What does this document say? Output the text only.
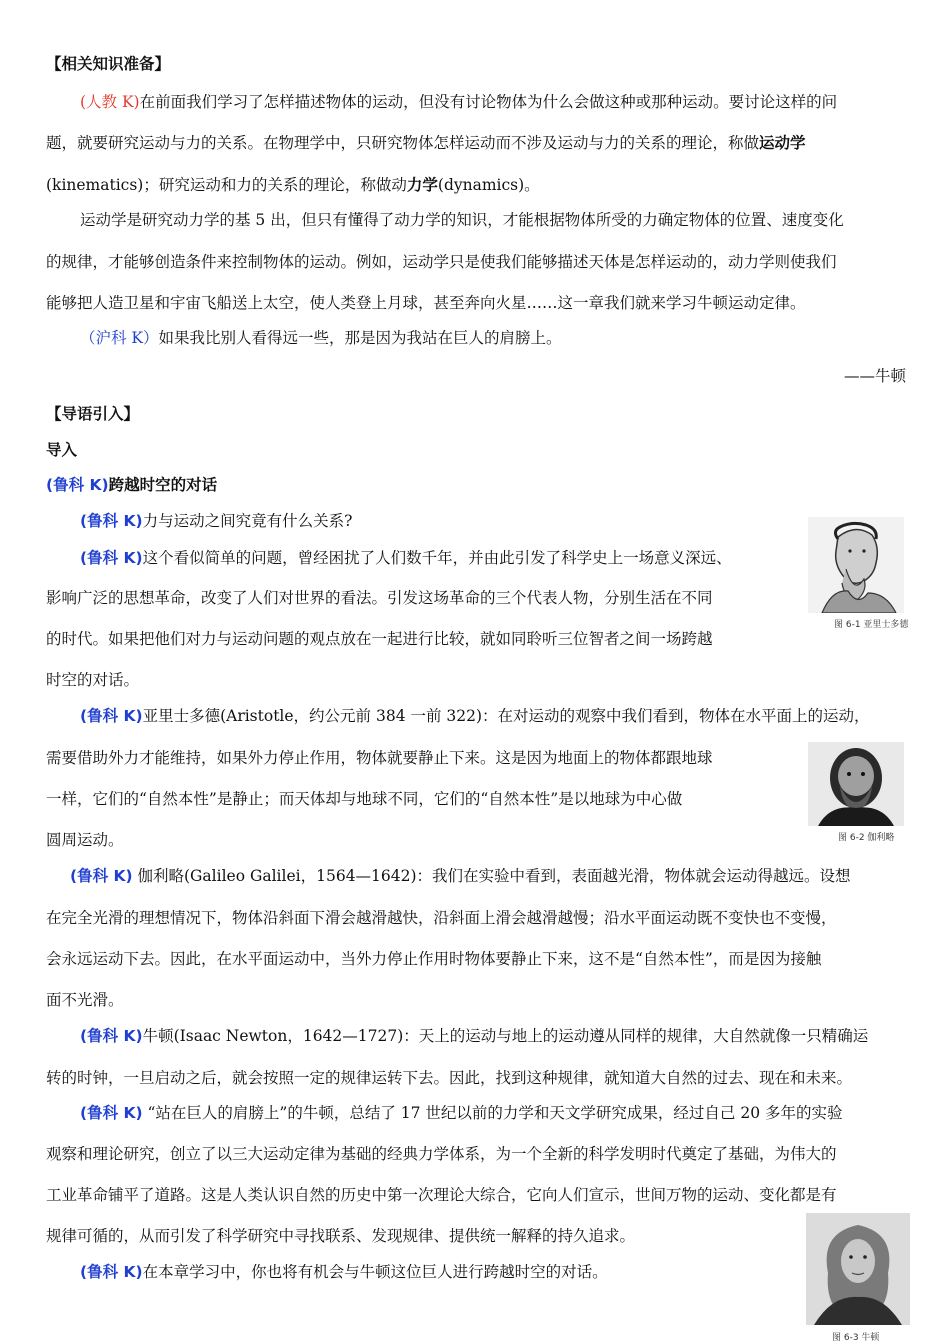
【相关知识准备】
(人教 K)在前面我们学习了怎样描述物体的运动，但没有讨论物体为什么会做这种或那种运动。要讨论这样的问
题，就要研究运动与力的关系。在物理学中，只研究物体怎样运动而不涉及运动与力的关系的理论，称做运动学
(kinematics)；研究运动和力的关系的理论，称做动力学(dynamics)。
运动学是研究动力学的基 5 出，但只有懂得了动力学的知识，才能根据物体所受的力确定物体的位置、速度变化
的规律，才能够创造条件来控制物体的运动。例如，运动学只是使我们能够描述天体是怎样运动的，动力学则使我们
能够把人造卫星和宇宙飞船送上太空，使人类登上月球，甚至奔向火星……这一章我们就来学习牛顿运动定律。
（沪科 K）如果我比别人看得远一些，那是因为我站在巨人的肩膀上。
——牛顿
【导语引入】
导入
(鲁科 K)跨越时空的对话
(鲁科 K)力与运动之间究竟有什么关系?
(鲁科 K)这个看似简单的问题，曾经困扰了人们数千年，并由此引发了科学史上一场意义深远、
影响广泛的思想革命，改变了人们对世界的看法。引发这场革命的三个代表人物，分别生活在不同
的时代。如果把他们对力与运动问题的观点放在一起进行比较，就如同聆听三位智者之间一场跨越
时空的对话。
(鲁科 K)亚里士多德(Aristotle，约公元前 384 一前 322)：在对运动的观察中我们看到，物体在水平面上的运动，
需要借助外力才能维持，如果外力停止作用，物体就要静止下来。这是因为地面上的物体都跟地球
一样，它们的“自然本性”是静止；而天体却与地球不同，它们的“自然本性”是以地球为中心做
圆周运动。
(鲁科 K) 伽利略(Galileo Galilei，1564—1642)：我们在实验中看到，表面越光滑，物体就会运动得越远。设想
在完全光滑的理想情况下，物体沿斜面下滑会越滑越快，沿斜面上滑会越滑越慢；沿水平面运动既不变快也不变慢，
会永远运动下去。因此，在水平面运动中，当外力停止作用时物体要静止下来，这不是“自然本性”，而是因为接触
面不光滑。
(鲁科 K)牛顿(Isaac Newton，1642—1727)：天上的运动与地上的运动遵从同样的规律，大自然就像一只精确运
转的时钟，一旦启动之后，就会按照一定的规律运转下去。因此，找到这种规律，就知道大自然的过去、现在和未来。
(鲁科 K) “站在巨人的肩膀上”的牛顿，总结了 17 世纪以前的力学和天文学研究成果，经过自己 20 多年的实验
观察和理论研究，创立了以三大运动定律为基础的经典力学体系，为一个全新的科学发明时代奠定了基础，为伟大的
工业革命铺平了道路。这是人类认识自然的历史中第一次理论大综合，它向人们宣示，世间万物的运动、变化都是有
规律可循的，从而引发了科学研究中寻找联系、发现规律、提供统一解释的持久追求。
(鲁科 K)在本章学习中，你也将有机会与牛顿这位巨人进行跨越时空的对话。
图 6-1 亚里士多德
图 6-2 伽利略
图 6-3 牛顿
